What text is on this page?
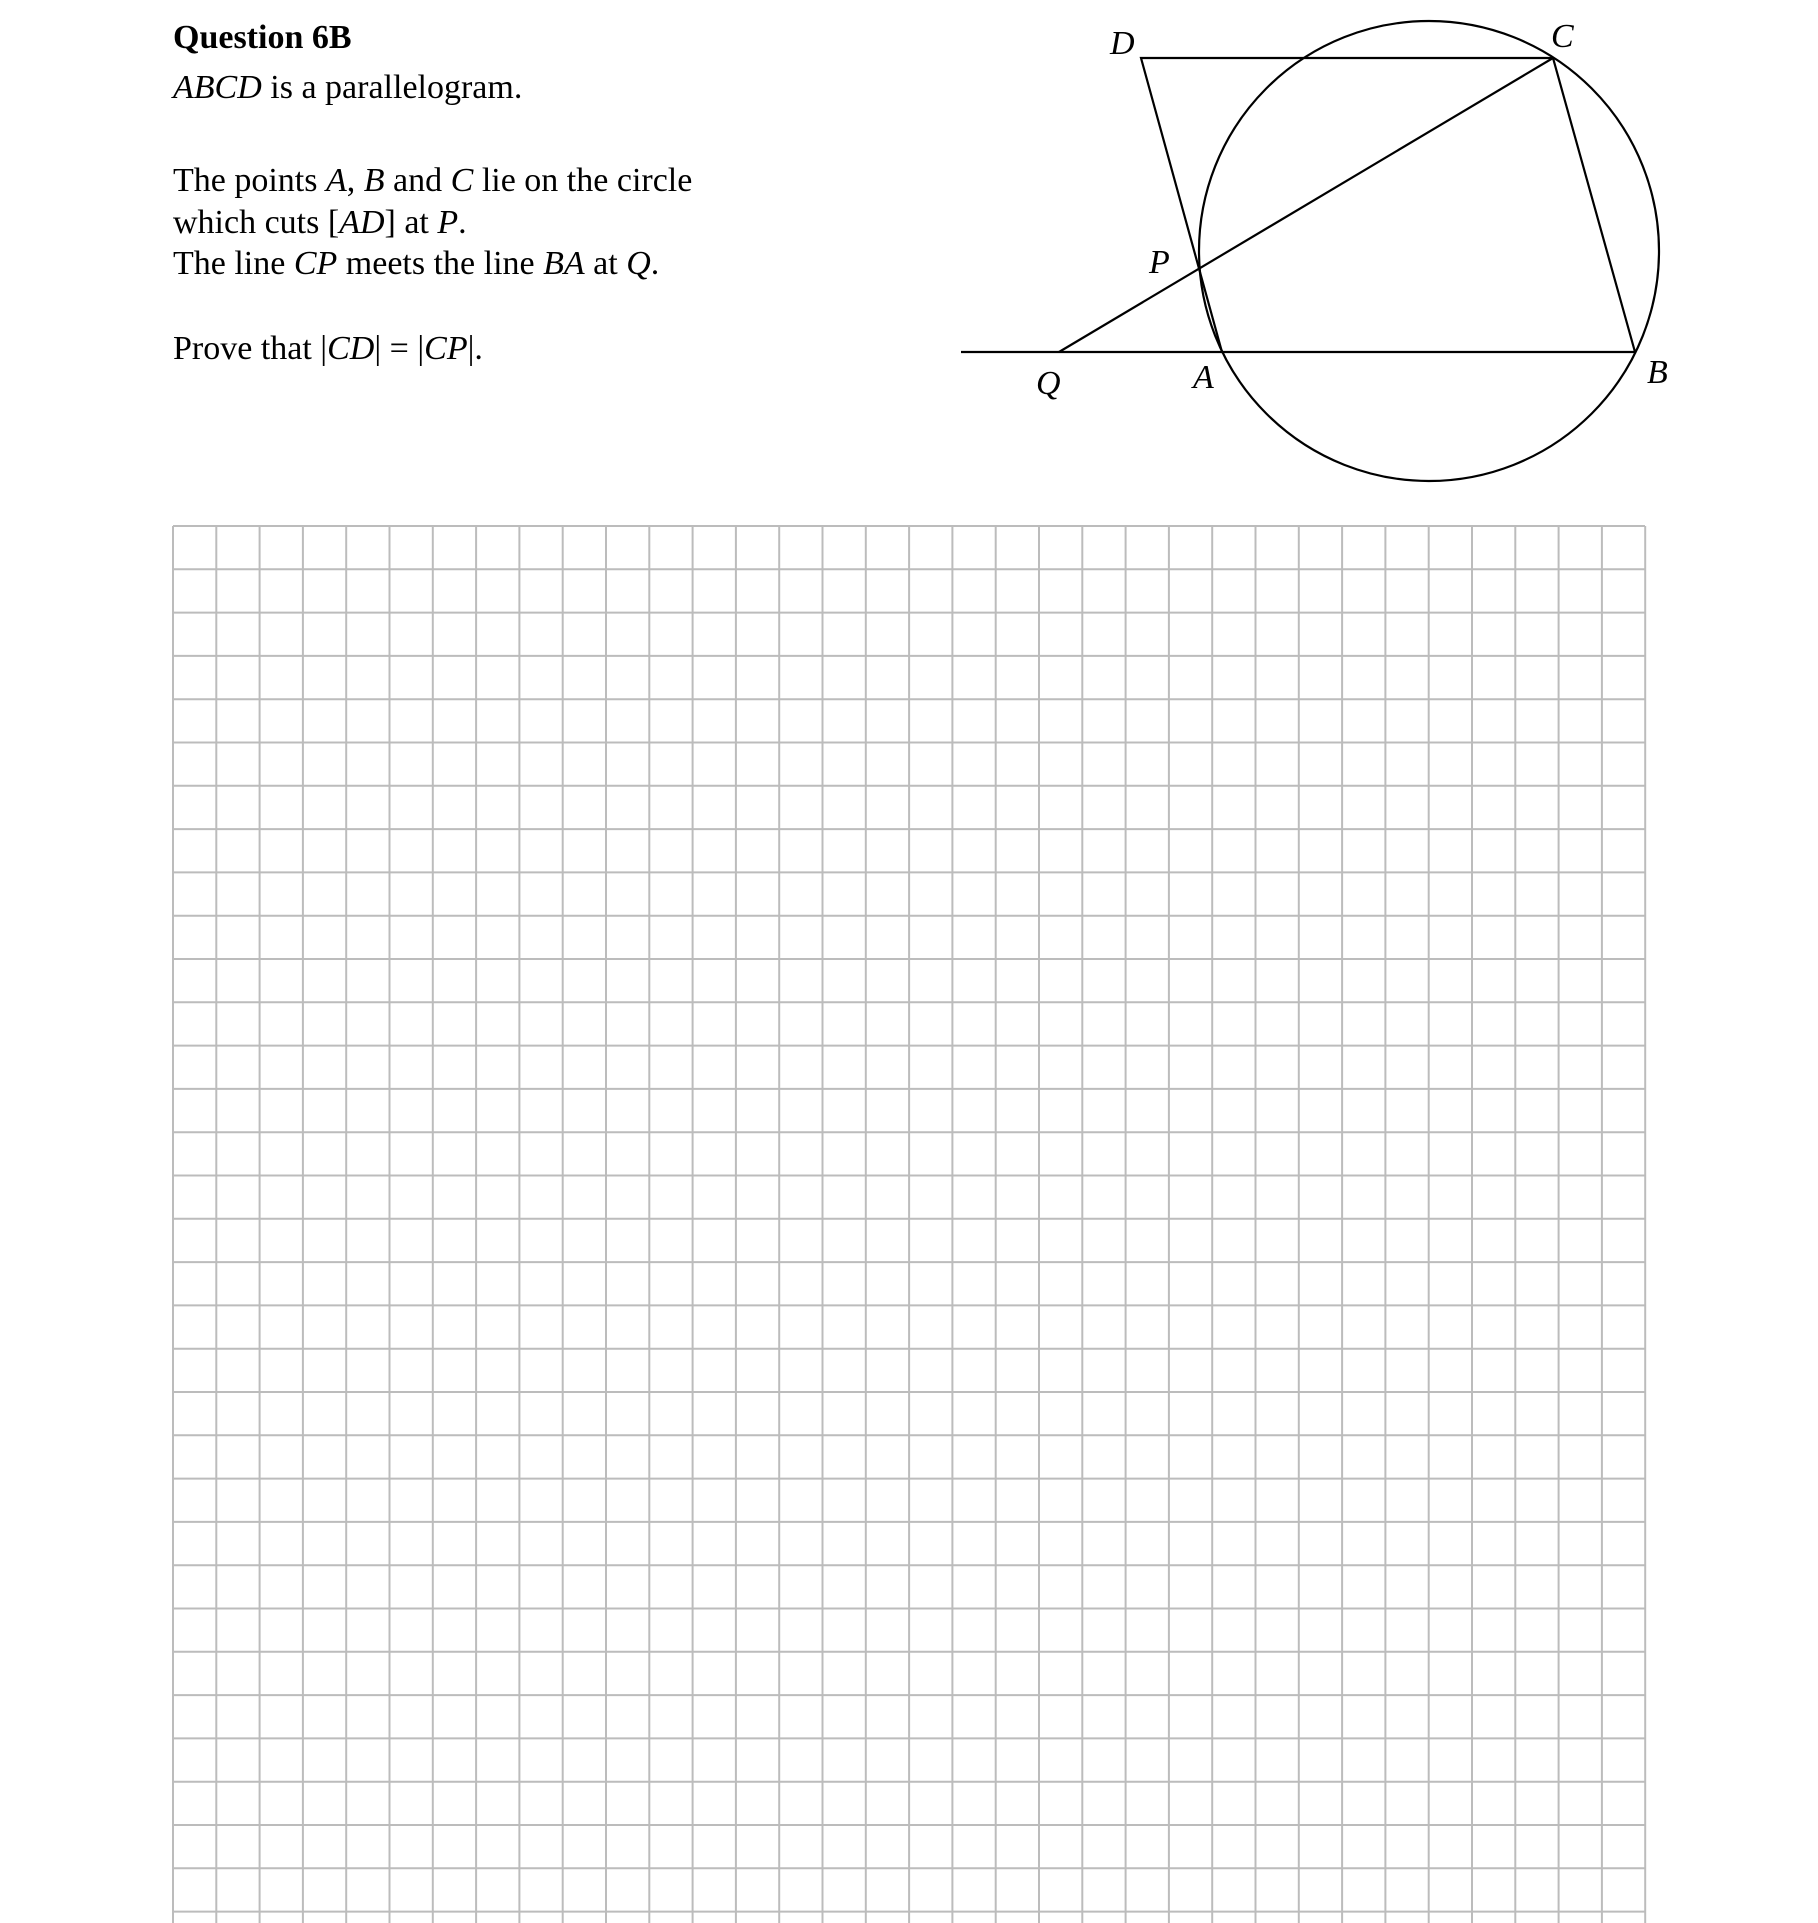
Question 6B
ABCD is a parallelogram.
The points A, B and C lie on the circle
which cuts [AD] at P.
The line CP meets the line BA at Q.
Prove that |CD| = |CP|.
D	C
P
Q	A	B
